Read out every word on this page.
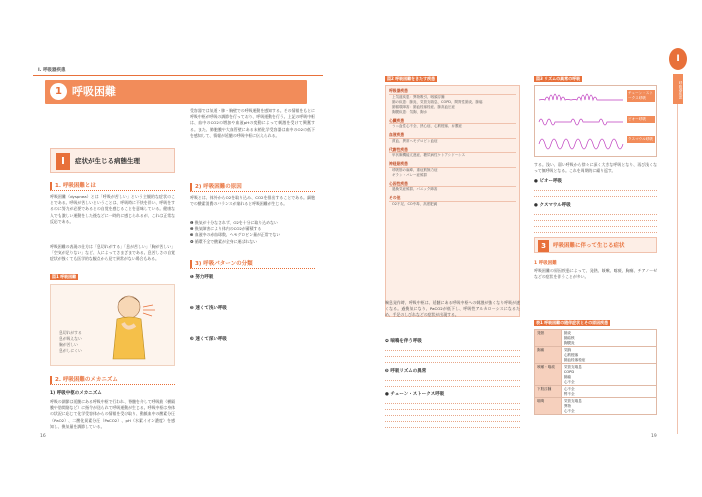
I. 呼吸器疾患
1 呼吸困難
Ⅰ	症状が生じる病態生理
1. 呼吸困難とは
呼吸困難（dyspnea）とは「呼吸が苦しい」という主観的な症状のことである。呼吸が苦しいということは、呼吸時に不快を伴い、呼吸をするのに努力が必要であるとの自覚を感じることを意味している。健康な人でも激しい運動をした後などに一時的に感じられるが、これは正常な反応である。
呼吸困難の表現の仕方は「息切れがする」「息が苦しい」「胸が苦しい」「空気が足りない」など、人によってさまざまである。息苦しさの自覚症状が強くても医学的な観点から見て異常がない場合もある。
図1 呼吸困難
息切れがする
息が吸えない
胸が苦しい
息がしにくい
2. 呼吸困難のメカニズム
1) 呼吸中枢のメカニズム
呼吸の調節は延髄にある呼吸中枢で行われ、脊髄を介して呼吸筋（横隔膜や肋間筋など）に指令が送られて呼吸運動が生じる。呼吸中枢は身体の状況に応じて化学受容体からの情報を受け取り、動脈血中の酸素分圧（PaO2）、二酸化炭素分圧（PaCO2）、pH（水素イオン濃度）を感知し、換気量を調節している。
受容器では気道・肺・胸壁での呼吸運動を感知する。その情報をもとに呼吸中枢が呼吸の調節を行っており、呼吸運動を行う。上記の呼吸中枢は、血中のCO2の増加や血液pHの変動によって刺激を受けて興奮する。また、肺胞膜や大血管壁にある末梢化学受容器は血中のO2の低下を感知して、情報が延髄の呼吸中枢に伝えられる。
2) 呼吸困難の原因
呼吸とは、体外からO2を取り込み、CO2を排出することである。細胞での酸素消費のバランスが崩れると呼吸困難が生じる。
❶ 換気が十分なされず、O2を十分に取り込めない
❷ 換気障害により体内のCO2が蓄積する
❸ 血液中の赤血球数、ヘモグロビン量が正常でない
❹ 循環不全で酸素が全身に運ばれない
3) 呼吸パターンの分類
❶ 努力呼吸
❷ 速くて浅い呼吸
❸ 速くて深い呼吸
16
図2 呼吸困難をきたす疾患
呼吸器疾患
上気道疾患：異物吸引、咽頭浮腫
肺の疾患：肺炎、気管支喘息、COPD、間質性肺炎、肺癌
肺循環障害：肺血栓塞栓症、肺高血圧症
胸膜疾患：気胸、胸水
心臓疾患
うっ血性心不全、狭心症、心筋梗塞、弁膜症
血液疾患
貧血、異常ヘモグロビン血症
代謝性疾患
甲状腺機能亢進症、糖尿病性ケトアシドーシス
神経筋疾患
呼吸筋の麻痺、重症筋無力症
ギラン・バレー症候群
心因性疾患
過換気症候群、パニック障害
その他
O2不足、CO中毒、高度肥満
図3 リズムの異常の呼吸
チェーン・ストークス呼吸
ビオー呼吸
クスマウル呼吸
喘息発作時、呼吸中枢は、延髄にある呼吸中枢への刺激が強くなり呼吸が速くなる。過換気になり、PaCO2が低下し、呼吸性アルカローシスになるため、手足のしびれなどの症状が出現する。
❹ 喘鳴を伴う呼吸
❺ 呼吸リズムの異常
● チェーン・ストークス呼吸
する。浅い、弱い呼吸から徐々に深く大きな呼吸となり、再び浅くなって無呼吸となる。これを周期的に繰り返す。
● ビオー呼吸
● クスマウル呼吸
3	呼吸困難に伴って生じる症状
1 呼吸困難
呼吸困難の原因疾患によって、発熱、咳嗽、喀痰、胸痛、チアノーゼなどの症状を伴うことが多い。
表1 呼吸困難の随伴症状とその原因疾患
発熱	肺炎
肺結核
胸膜炎

胸痛	気胸
心筋梗塞
肺血栓塞栓症

咳嗽・喀痰	気管支喘息
COPD
肺癌
心不全

下肢浮腫	心不全
腎不全

喘鳴	気管支喘息
異物
心不全
I
呼吸器疾患
19
